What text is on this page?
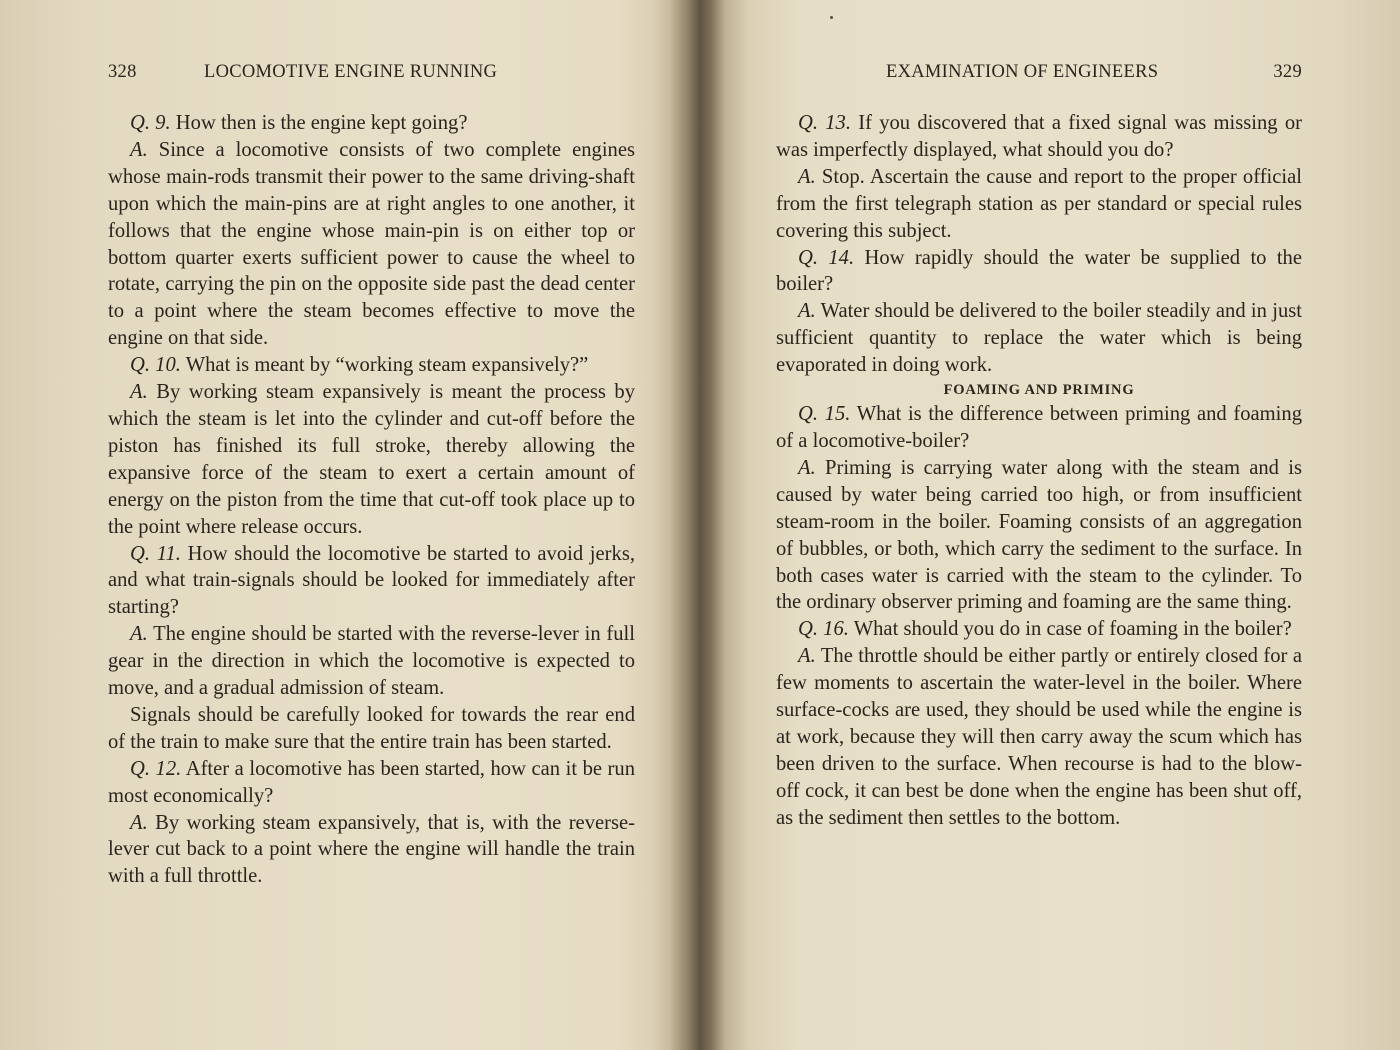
328	LOCOMOTIVE ENGINE RUNNING

Q. 9. How then is the engine kept going?

A. Since a locomotive consists of two complete engines whose main-rods transmit their power to the same driving-shaft upon which the main-pins are at right angles to one another, it follows that the engine whose main-pin is on either top or bottom quarter exerts sufficient power to cause the wheel to rotate, carrying the pin on the opposite side past the dead center to a point where the steam becomes effective to move the engine on that side.

Q. 10. What is meant by “working steam expansively?”

A. By working steam expansively is meant the process by which the steam is let into the cylinder and cut-off before the piston has finished its full stroke, thereby allowing the expansive force of the steam to exert a certain amount of energy on the piston from the time that cut-off took place up to the point where release occurs.

Q. 11. How should the locomotive be started to avoid jerks, and what train-signals should be looked for immediately after starting?

A. The engine should be started with the reverse-lever in full gear in the direction in which the locomotive is expected to move, and a gradual admission of steam.

Signals should be carefully looked for towards the rear end of the train to make sure that the entire train has been started.

Q. 12. After a locomotive has been started, how can it be run most economically?

A. By working steam expansively, that is, with the reverse-lever cut back to a point where the engine will handle the train with a full throttle.

EXAMINATION OF ENGINEERS	329

Q. 13. If you discovered that a fixed signal was missing or was imperfectly displayed, what should you do?

A. Stop. Ascertain the cause and report to the proper official from the first telegraph station as per standard or special rules covering this subject.

Q. 14. How rapidly should the water be supplied to the boiler?

A. Water should be delivered to the boiler steadily and in just sufficient quantity to replace the water which is being evaporated in doing work.

FOAMING AND PRIMING

Q. 15. What is the difference between priming and foaming of a locomotive-boiler?

A. Priming is carrying water along with the steam and is caused by water being carried too high, or from insufficient steam-room in the boiler. Foaming consists of an aggregation of bubbles, or both, which carry the sediment to the surface. In both cases water is carried with the steam to the cylinder. To the ordinary observer priming and foaming are the same thing.

Q. 16. What should you do in case of foaming in the boiler?

A. The throttle should be either partly or entirely closed for a few moments to ascertain the water-level in the boiler. Where surface-cocks are used, they should be used while the engine is at work, because they will then carry away the scum which has been driven to the surface. When recourse is had to the blow-off cock, it can best be done when the engine has been shut off, as the sediment then settles to the bottom.
